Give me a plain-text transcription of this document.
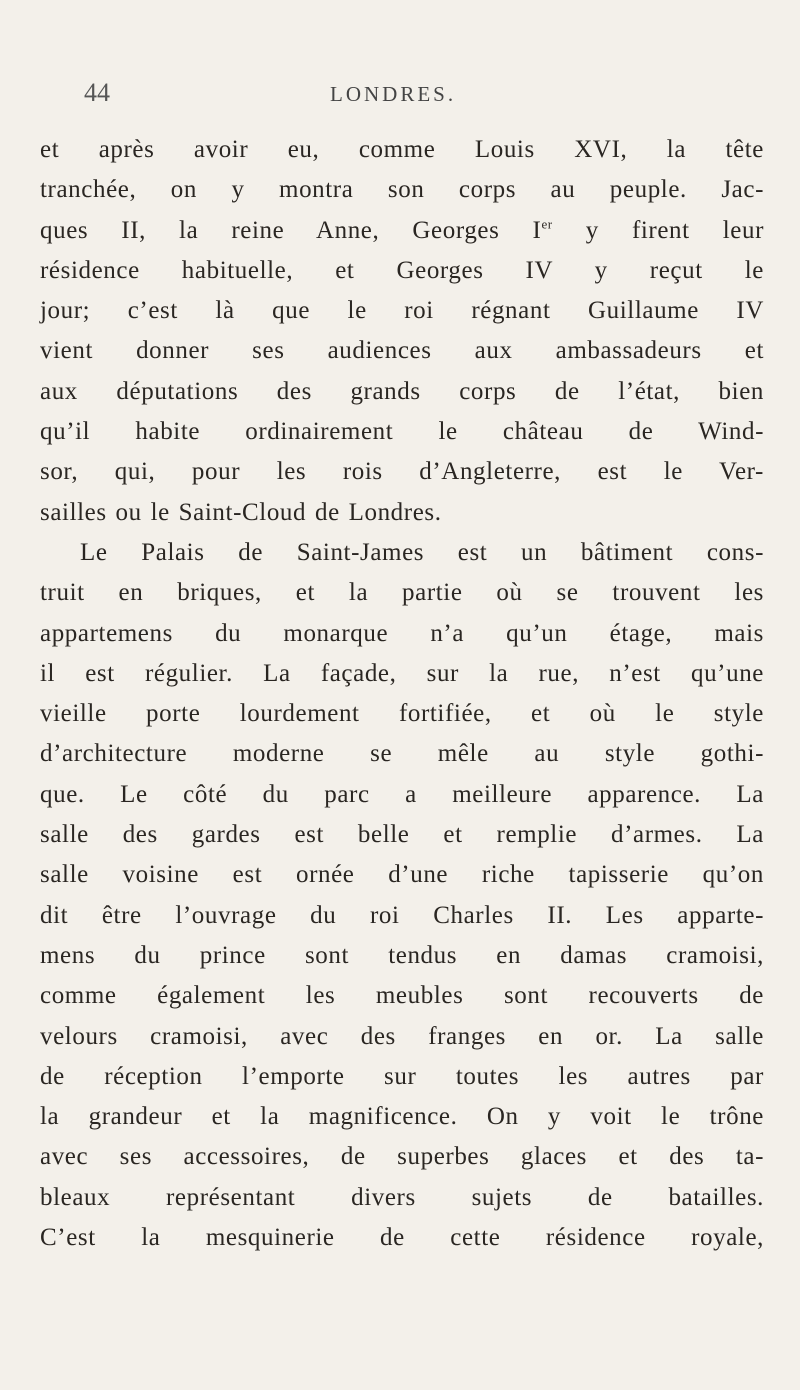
44	LONDRES.
et après avoir eu, comme Louis XVI, la tête
tranchée, on y montra son corps au peuple. Jac-
ques II, la reine Anne, Georges Ier y firent leur
résidence habituelle, et Georges IV y reçut le
jour; c’est là que le roi régnant Guillaume IV
vient donner ses audiences aux ambassadeurs et
aux députations des grands corps de l’état, bien
qu’il habite ordinairement le château de Wind-
sor, qui, pour les rois d’Angleterre, est le Ver-
sailles ou le Saint-Cloud de Londres.
Le Palais de Saint-James est un bâtiment cons-
truit en briques, et la partie où se trouvent les
appartemens du monarque n’a qu’un étage, mais
il est régulier. La façade, sur la rue, n’est qu’une
vieille porte lourdement fortifiée, et où le style
d’architecture moderne se mêle au style gothi-
que. Le côté du parc a meilleure apparence. La
salle des gardes est belle et remplie d’armes. La
salle voisine est ornée d’une riche tapisserie qu’on
dit être l’ouvrage du roi Charles II. Les apparte-
mens du prince sont tendus en damas cramoisi,
comme également les meubles sont recouverts de
velours cramoisi, avec des franges en or. La salle
de réception l’emporte sur toutes les autres par
la grandeur et la magnificence. On y voit le trône
avec ses accessoires, de superbes glaces et des ta-
bleaux représentant divers sujets de batailles.
C’est la mesquinerie de cette résidence royale,
